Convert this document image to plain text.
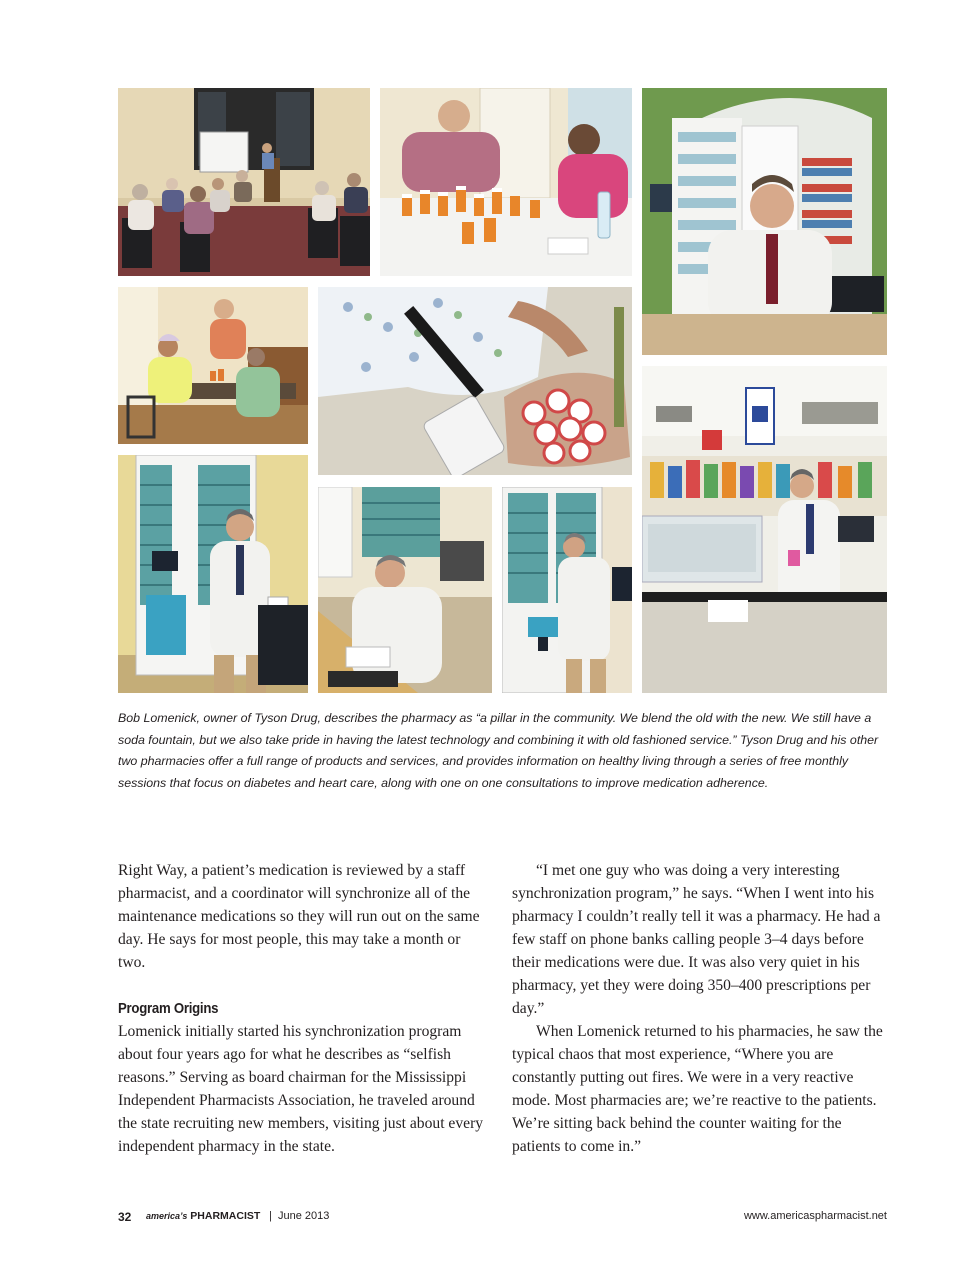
Bob Lomenick, owner of Tyson Drug, describes the pharmacy as “a pillar in the community. We blend the old with the new. We still have a soda fountain, but we also take pride in having the latest technology and combining it with old fashioned service.” Tyson Drug and his other two pharmacies offer a full range of products and services, and provides information on healthy living through a series of free monthly sessions that focus on diabetes and heart care, along with one on one consultations to improve medication adherence.

Right Way, a patient’s medication is reviewed by a staff pharmacist, and a coordinator will synchronize all of the maintenance medications so they will run out on the same day. He says for most people, this may take a month or two.

Program Origins

Lomenick initially started his synchronization program about four years ago for what he describes as “selfish reasons.” Serving as board chairman for the Mississippi Independent Pharmacists Association, he traveled around the state recruiting new members, visiting just about every independent pharmacy in the state.

“I met one guy who was doing a very interesting synchronization program,” he says. “When I went into his pharmacy I couldn’t really tell it was a pharmacy. He had a few staff on phone banks calling people 3–4 days before their medications were due. It was also very quiet in his pharmacy, yet they were doing 350–400 prescriptions per day.”

When Lomenick returned to his pharmacies, he saw the typical chaos that most experience, “Where you are constantly putting out fires. We were in a very reactive mode. Most pharmacies are; we’re reactive to the patients. We’re sitting back behind the counter waiting for the patients to come in.”

32 america’s PHARMACIST | June 2013	www.americaspharmacist.net
